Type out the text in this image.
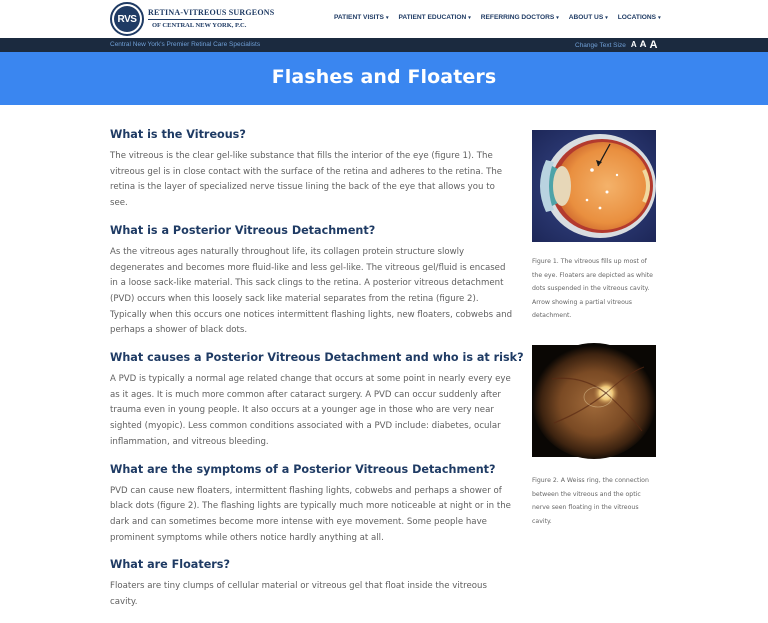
RVS
RETINA-VITREOUS SURGEONS
OF CENTRAL NEW YORK, P.C.
PATIENT VISITS ▾ PATIENT EDUCATION ▾ REFERRING DOCTORS ▾ ABOUT US ▾ LOCATIONS ▾
Central New York's Premier Retinal Care Specialists	Change Text Size A A A
Flashes and Floaters
What is the Vitreous?

The vitreous is the clear gel-like substance that fills the interior of the eye (figure 1). The vitreous gel is in close contact with the surface of the retina and adheres to the retina. The retina is the layer of specialized nerve tissue lining the back of the eye that allows you to see.

What is a Posterior Vitreous Detachment?

As the vitreous ages naturally throughout life, its collagen protein structure slowly degenerates and becomes more fluid-like and less gel-like. The vitreous gel/fluid is encased in a loose sack-like material. This sack clings to the retina. A posterior vitreous detachment (PVD) occurs when this loosely sack like material separates from the retina (figure 2). Typically when this occurs one notices intermittent flashing lights, new floaters, cobwebs and perhaps a shower of black dots.

What causes a Posterior Vitreous Detachment and who is at risk?

A PVD is typically a normal age related change that occurs at some point in nearly every eye as it ages. It is much more common after cataract surgery. A PVD can occur suddenly after trauma even in young people. It also occurs at a younger age in those who are very near sighted (myopic). Less common conditions associated with a PVD include: diabetes, ocular inflammation, and vitreous bleeding.

What are the symptoms of a Posterior Vitreous Detachment?

PVD can cause new floaters, intermittent flashing lights, cobwebs and perhaps a shower of black dots (figure 2). The flashing lights are typically much more noticeable at night or in the dark and can sometimes become more intense with eye movement. Some people have prominent symptoms while others notice hardly anything at all.

What are Floaters?

Floaters are tiny clumps of cellular material or vitreous gel that float inside the vitreous cavity.

Figure 1. The vitreous fills up most of the eye. Floaters are depicted as white dots suspended in the vitreous cavity. Arrow showing a partial vitreous detachment.
Figure 2. A Weiss ring, the connection between the vitreous and the optic nerve seen floating in the vitreous cavity.
